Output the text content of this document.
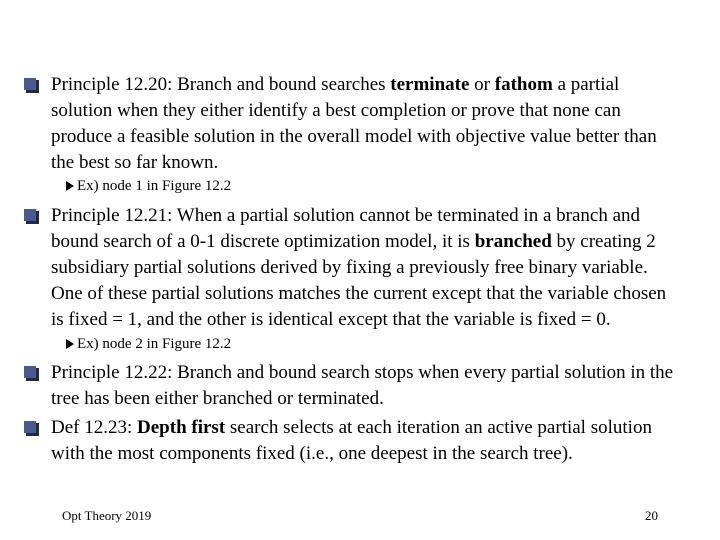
Principle 12.20: Branch and bound searches terminate or fathom a partial
solution when they either identify a best completion or prove that none can
produce a feasible solution in the overall model with objective value better than
the best so far known.
Ex) node 1 in Figure 12.2
Principle 12.21: When a partial solution cannot be terminated in a branch and
bound search of a 0-1 discrete optimization model, it is branched by creating 2
subsidiary partial solutions derived by fixing a previously free binary variable.
One of these partial solutions matches the current except that the variable chosen
is fixed = 1, and the other is identical except that the variable is fixed = 0.
Ex) node 2 in Figure 12.2
Principle 12.22: Branch and bound search stops when every partial solution in the
tree has been either branched or terminated.
Def 12.23: Depth first search selects at each iteration an active partial solution
with the most components fixed (i.e., one deepest in the search tree).
Opt Theory 2019	20
